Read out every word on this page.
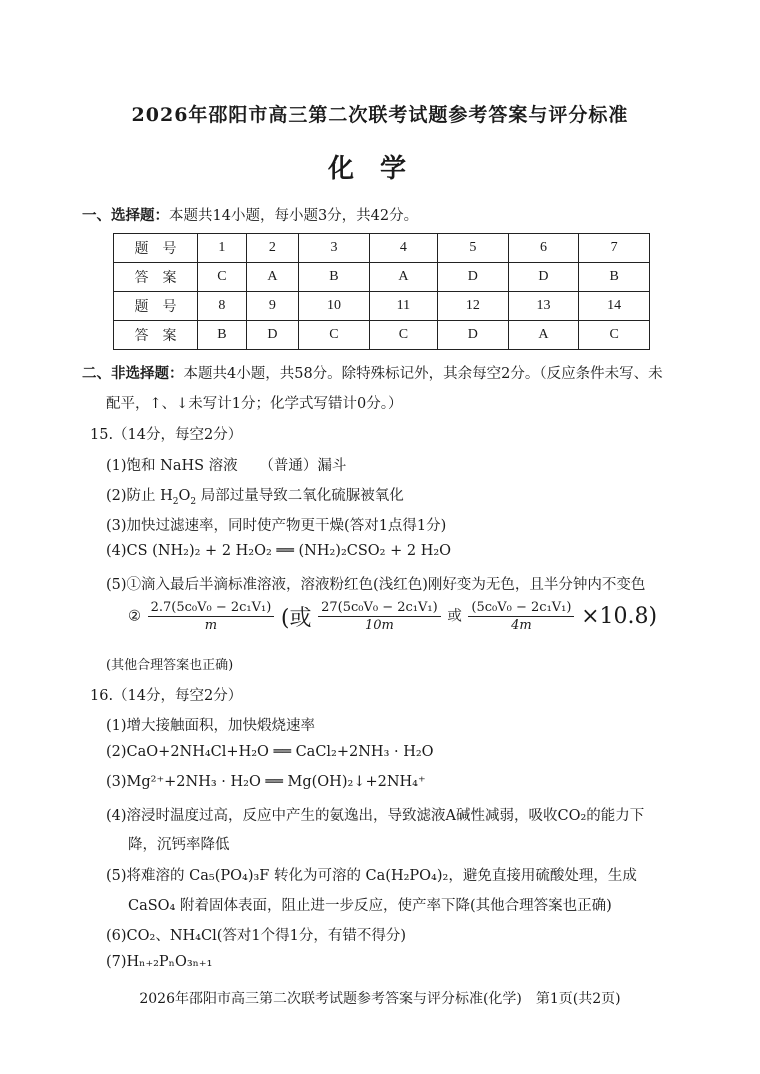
2026年邵阳市高三第二次联考试题参考答案与评分标准
化学
一、选择题：本题共14小题，每小题3分，共42分。
题号	1	2	3	4	5	6	7
答案	C	A	B	A	D	D	B
题号	8	9	10	11	12	13	14
答案	B	D	C	C	D	A	C
二、非选择题：本题共4小题，共58分。除特殊标记外，其余每空2分。（反应条件未写、未
配平，↑、↓未写计1分；化学式写错计0分。）
15.（14分，每空2分）
(1)饱和 NaHS 溶液　　（普通）漏斗
(2)防止 $H_2O_2$ 局部过量导致二氧化硫脲被氧化
(3)加快过滤速率，同时使产物更干燥(答对1点得1分)
(4)CS (NH₂)₂ + 2 H₂O₂ ══ (NH₂)₂CSO₂ + 2 H₂O
(5)①滴入最后半滴标准溶液，溶液粉红色(浅红色)刚好变为无色，且半分钟内不变色
② $\frac{\text{2.7(5c₀V₀ − 2c₁V₁)}}{m}$ (或 $\frac{\text{27(5c₀V₀ − 2c₁V₁)}}{10m}$ 或 $\frac{\text{(5c₀V₀ − 2c₁V₁)}}{4m} \times 10.8$)
(其他合理答案也正确)
16.（14分，每空2分）
(1)增大接触面积，加快煅烧速率
(2)CaO+2NH₄Cl+H₂O ══ CaCl₂+2NH₃ · H₂O
(3)Mg²⁺+2NH₃ · H₂O ══ Mg(OH)₂↓+2NH₄⁺
(4)溶浸时温度过高，反应中产生的氨逸出，导致滤液A碱性减弱，吸收CO₂的能力下
降，沉钙率降低
(5)将难溶的 Ca₅(PO₄)₃F 转化为可溶的 Ca(H₂PO₄)₂，避免直接用硫酸处理，生成
CaSO₄ 附着固体表面，阻止进一步反应，使产率下降(其他合理答案也正确)
(6)CO₂、NH₄Cl(答对1个得1分，有错不得分)
(7)Hₙ₊₂PₙO₃ₙ₊₁
2026年邵阳市高三第二次联考试题参考答案与评分标准(化学)　第1页(共2页)
